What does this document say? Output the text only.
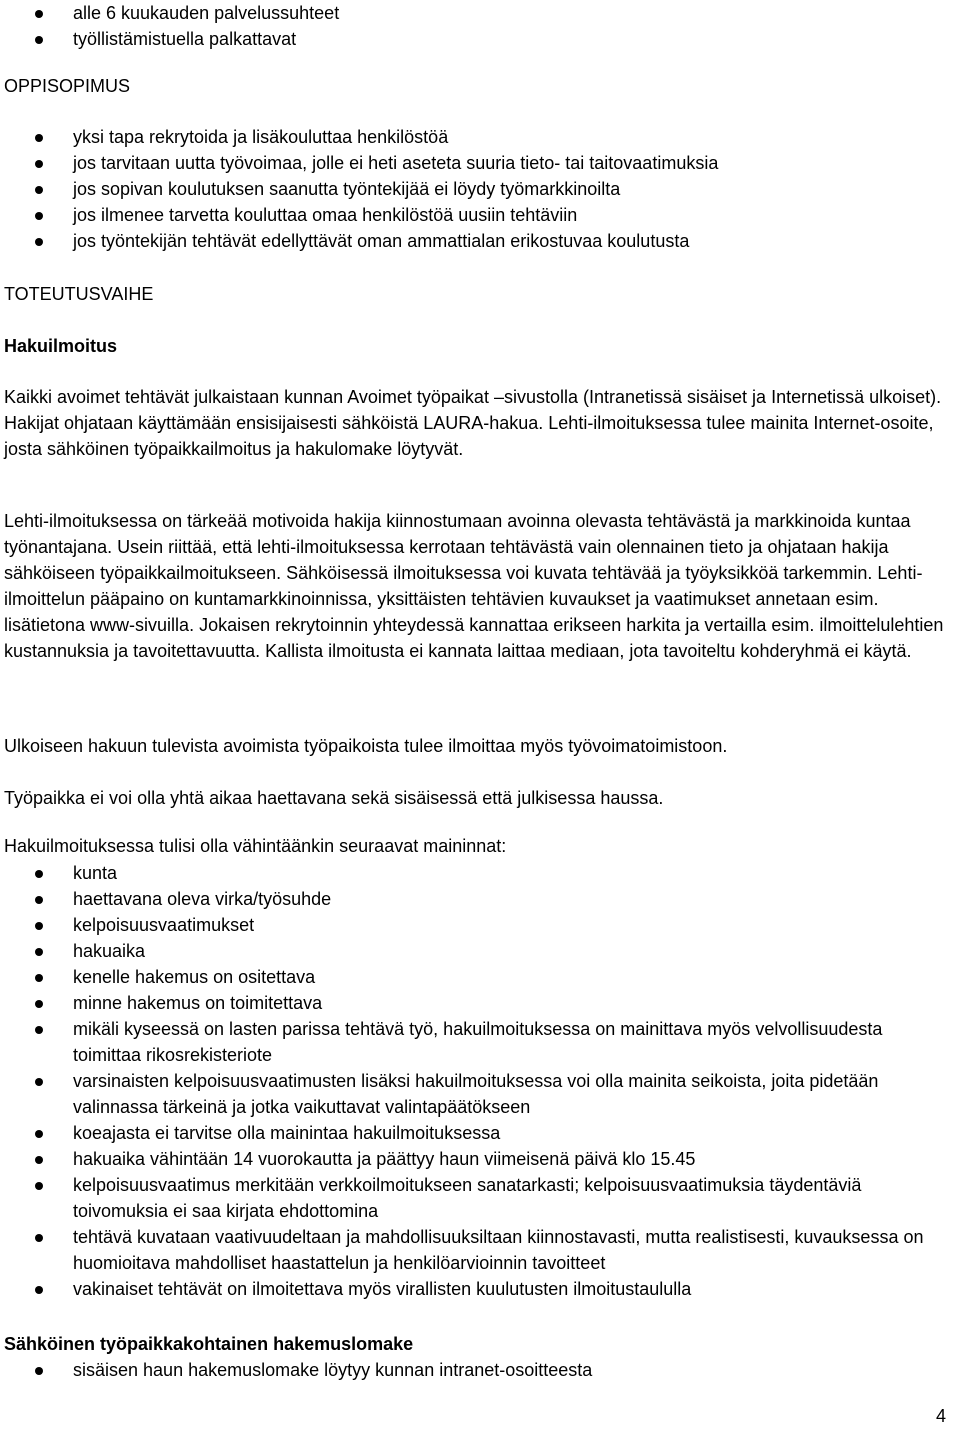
alle 6 kuukauden palvelussuhteet
työllistämistuella palkattavat
OPPISOPIMUS
yksi tapa rekrytoida ja lisäkouluttaa henkilöstöä
jos tarvitaan uutta työvoimaa, jolle ei heti aseteta suuria tieto- tai taitovaatimuksia
jos sopivan koulutuksen saanutta työntekijää ei löydy työmarkkinoilta
jos ilmenee tarvetta kouluttaa omaa henkilöstöä uusiin tehtäviin
jos työntekijän tehtävät edellyttävät oman ammattialan erikostuvaa koulutusta
TOTEUTUSVAIHE
Hakuilmoitus

Kaikki avoimet tehtävät julkaistaan kunnan Avoimet työpaikat –sivustolla (Intranetissä sisäiset ja Internetissä ulkoiset). Hakijat ohjataan käyttämään ensisijaisesti sähköistä LAURA-hakua. Lehti-ilmoituksessa tulee mainita Internet-osoite, josta sähköinen työpaikkailmoitus ja hakulomake löytyvät.

Lehti-ilmoituksessa on tärkeää motivoida hakija kiinnostumaan avoinna olevasta tehtävästä ja markkinoida kuntaa työnantajana. Usein riittää, että lehti-ilmoituksessa kerrotaan tehtävästä vain olennainen tieto ja ohjataan hakija sähköiseen työpaikkailmoitukseen. Sähköisessä ilmoituksessa voi kuvata tehtävää ja työyksikköä tarkemmin. Lehti-ilmoittelun pääpaino on kuntamarkkinoinnissa, yksittäisten tehtävien kuvaukset ja vaatimukset annetaan esim. lisätietona www-sivuilla. Jokaisen rekrytoinnin yhteydessä kannattaa erikseen harkita ja vertailla esim. ilmoittelulehtien kustannuksia ja tavoitettavuutta. Kallista ilmoitusta ei kannata laittaa mediaan, jota tavoiteltu kohderyhmä ei käytä.

Ulkoiseen hakuun tulevista avoimista työpaikoista tulee ilmoittaa myös työvoimatoimistoon.

Työpaikka ei voi olla yhtä aikaa haettavana sekä sisäisessä että julkisessa haussa.

Hakuilmoituksessa tulisi olla vähintäänkin seuraavat maininnat:

kunta
haettavana oleva virka/työsuhde
kelpoisuusvaatimukset
hakuaika
kenelle hakemus on ositettava
minne hakemus on toimitettava
mikäli kyseessä on lasten parissa tehtävä työ, hakuilmoituksessa on mainittava myös velvollisuudesta toimittaa rikosrekisteriote
varsinaisten kelpoisuusvaatimusten lisäksi hakuilmoituksessa voi olla mainita seikoista, joita pidetään valinnassa tärkeinä ja jotka vaikuttavat valintapäätökseen
koeajasta ei tarvitse olla mainintaa hakuilmoituksessa
hakuaika vähintään 14 vuorokautta ja päättyy haun viimeisenä päivä klo 15.45
kelpoisuusvaatimus merkitään verkkoilmoitukseen sanatarkasti; kelpoisuusvaatimuksia täydentäviä toivomuksia ei saa kirjata ehdottomina
tehtävä kuvataan vaativuudeltaan ja mahdollisuuksiltaan kiinnostavasti, mutta realistisesti, kuvauksessa on huomioitava mahdolliset haastattelun ja henkilöarvioinnin tavoitteet
vakinaiset tehtävät on ilmoitettava myös virallisten kuulutusten ilmoitustaululla
Sähköinen työpaikkakohtainen hakemuslomake
sisäisen haun hakemuslomake löytyy kunnan intranet-osoitteesta
4
